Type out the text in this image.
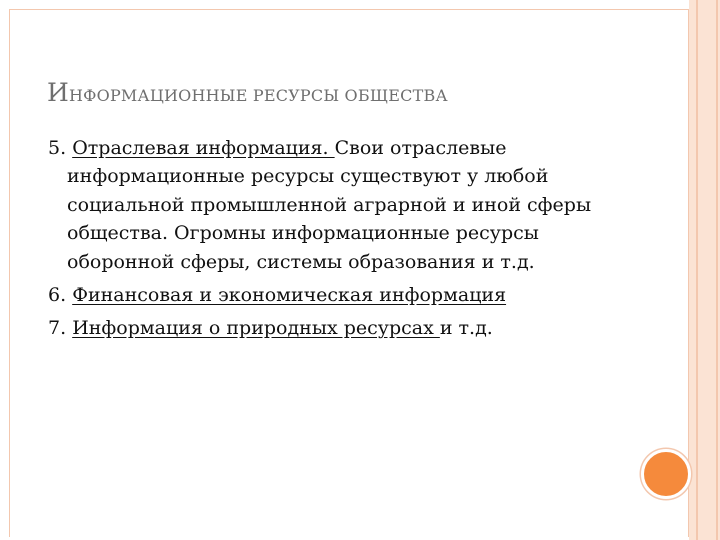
ИНФОРМАЦИОННЫЕ РЕСУРСЫ ОБЩЕСТВА

5. Отраслевая информация. Свои отраслевые информационные ресурсы существуют у любой социальной промышленной аграрной и иной сферы общества. Огромны информационные ресурсы оборонной сферы, системы образования и т.д.

6. Финансовая и экономическая информация

7. Информация о природных ресурсах и т.д.
